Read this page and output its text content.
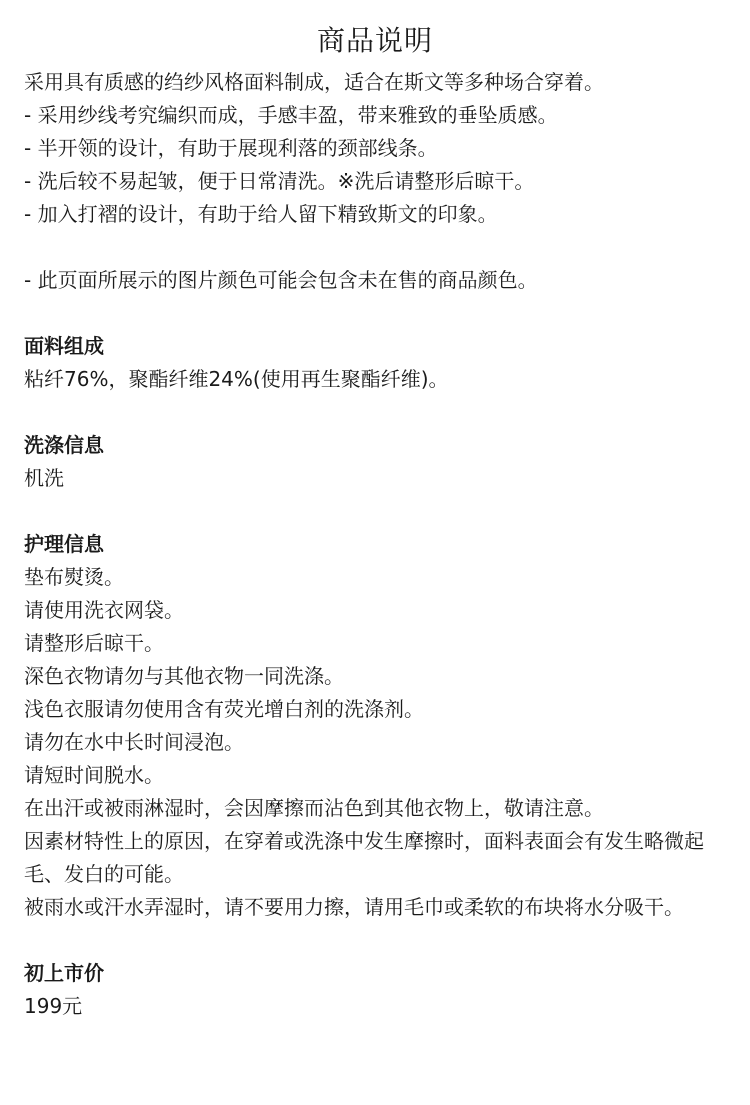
商品说明
采用具有质感的绉纱风格面料制成，适合在斯文等多种场合穿着。
- 采用纱线考究编织而成，手感丰盈，带来雅致的垂坠质感。
- 半开领的设计，有助于展现利落的颈部线条。
- 洗后较不易起皱，便于日常清洗。※洗后请整形后晾干。
- 加入打褶的设计，有助于给人留下精致斯文的印象。
- 此页面所展示的图片颜色可能会包含未在售的商品颜色。
面料组成
粘纤76%，聚酯纤维24%(使用再生聚酯纤维)。
洗涤信息
机洗
护理信息
垫布熨烫。
请使用洗衣网袋。
请整形后晾干。
深色衣物请勿与其他衣物一同洗涤。
浅色衣服请勿使用含有荧光增白剂的洗涤剂。
请勿在水中长时间浸泡。
请短时间脱水。
在出汗或被雨淋湿时，会因摩擦而沾色到其他衣物上，敬请注意。
因素材特性上的原因，在穿着或洗涤中发生摩擦时，面料表面会有发生略微起毛、发白的可能。
被雨水或汗水弄湿时，请不要用力擦，请用毛巾或柔软的布块将水分吸干。
初上市价
199元
